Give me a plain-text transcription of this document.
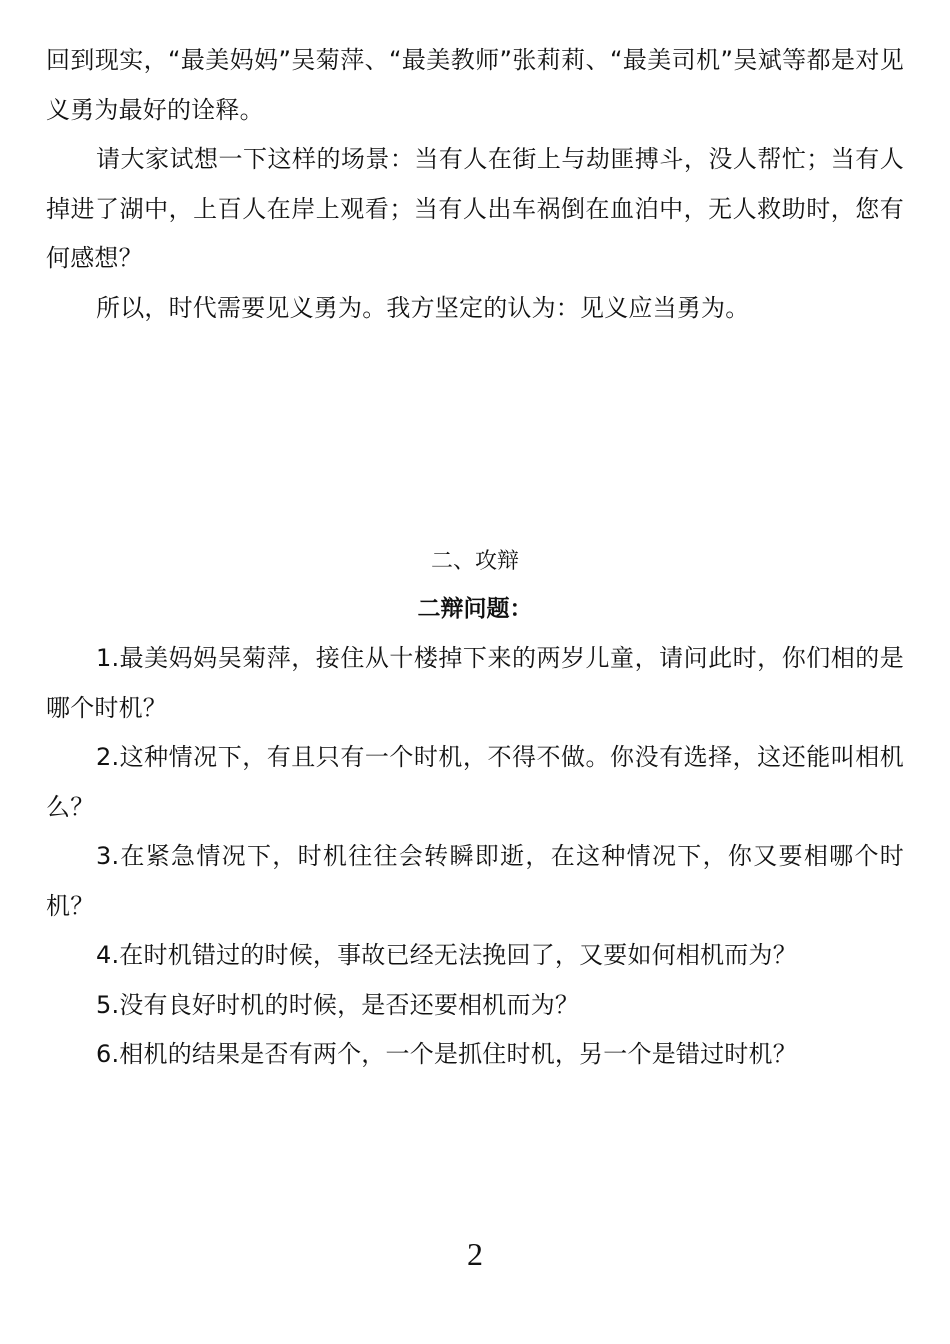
回到现实，“最美妈妈”吴菊萍、“最美教师”张莉莉、“最美司机”吴斌等都是对见义勇为最好的诠释。

请大家试想一下这样的场景：当有人在街上与劫匪搏斗，没人帮忙；当有人掉进了湖中，上百人在岸上观看；当有人出车祸倒在血泊中，无人救助时，您有何感想？

所以，时代需要见义勇为。我方坚定的认为：见义应当勇为。

二、攻辩

二辩问题：

1.最美妈妈吴菊萍，接住从十楼掉下来的两岁儿童，请问此时，你们相的是哪个时机？

2.这种情况下，有且只有一个时机，不得不做。你没有选择，这还能叫相机么？

3.在紧急情况下，时机往往会转瞬即逝，在这种情况下，你又要相哪个时机？

4.在时机错过的时候，事故已经无法挽回了，又要如何相机而为？

5.没有良好时机的时候，是否还要相机而为？

6.相机的结果是否有两个，一个是抓住时机，另一个是错过时机？

2
